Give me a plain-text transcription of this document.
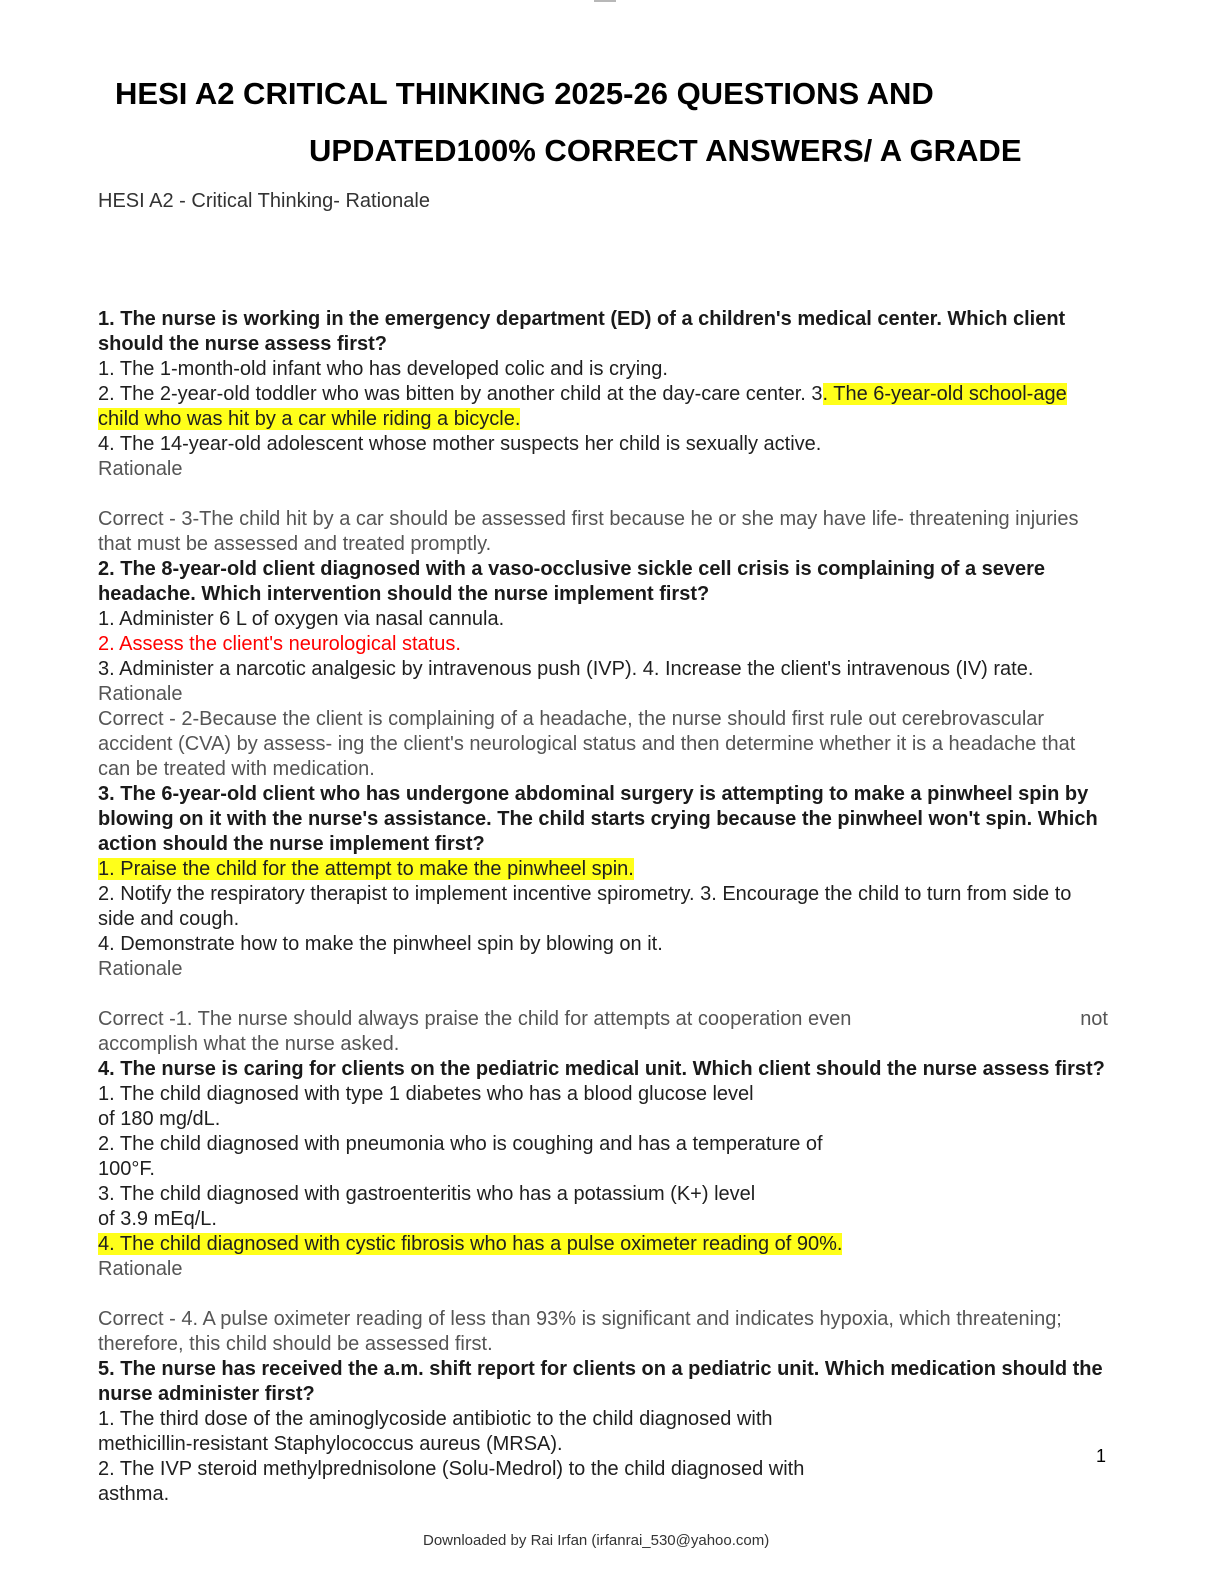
HESI A2 CRITICAL THINKING 2025-26 QUESTIONS AND
UPDATED100% CORRECT ANSWERS/ A GRADE
HESI A2 - Critical Thinking- Rationale

1. The nurse is working in the emergency department (ED) of a children's medical center. Which client should the nurse assess first?

1. The 1-month-old infant who has developed colic and is crying.

2. The 2-year-old toddler who was bitten by another child at the day-care center. 3. The 6-year-old school-age child who was hit by a car while riding a bicycle.

4. The 14-year-old adolescent whose mother suspects her child is sexually active.

Rationale

Correct - 3-The child hit by a car should be assessed first because he or she may have life- threatening injuries that must be assessed and treated promptly.

2. The 8-year-old client diagnosed with a vaso-occlusive sickle cell crisis is complaining of a severe headache. Which intervention should the nurse implement first?

1. Administer 6 L of oxygen via nasal cannula.

2. Assess the client's neurological status.

3. Administer a narcotic analgesic by intravenous push (IVP). 4. Increase the client's intravenous (IV) rate.

Rationale

Correct - 2-Because the client is complaining of a headache, the nurse should first rule out cerebrovascular accident (CVA) by assess- ing the client's neurological status and then determine whether it is a headache that can be treated with medication.

3. The 6-year-old client who has undergone abdominal surgery is attempting to make a pinwheel spin by blowing on it with the nurse's assistance. The child starts crying because the pinwheel won't spin. Which action should the nurse implement first?

1. Praise the child for the attempt to make the pinwheel spin.

2. Notify the respiratory therapist to implement incentive spirometry. 3. Encourage the child to turn from side to side and cough.

4. Demonstrate how to make the pinwheel spin by blowing on it.

Rationale

Correct -1. The nurse should always praise the child for attempts at cooperation even	not

accomplish what the nurse asked.

4. The nurse is caring for clients on the pediatric medical unit. Which client should the nurse assess first?

1. The child diagnosed with type 1 diabetes who has a blood glucose level

of 180 mg/dL.

2. The child diagnosed with pneumonia who is coughing and has a temperature of

100°F.

3. The child diagnosed with gastroenteritis who has a potassium (K+) level

of 3.9 mEq/L.

4. The child diagnosed with cystic fibrosis who has a pulse oximeter reading of 90%.

Rationale

Correct - 4. A pulse oximeter reading of less than 93% is significant and indicates hypoxia, which threatening; therefore, this child should be assessed first.

5. The nurse has received the a.m. shift report for clients on a pediatric unit. Which medication should the nurse administer first?

1. The third dose of the aminoglycoside antibiotic to the child diagnosed with

methicillin-resistant Staphylococcus aureus (MRSA).

2. The IVP steroid methylprednisolone (Solu-Medrol) to the child diagnosed with

asthma.

1
Downloaded by Rai Irfan (irfanrai_530@yahoo.com)
